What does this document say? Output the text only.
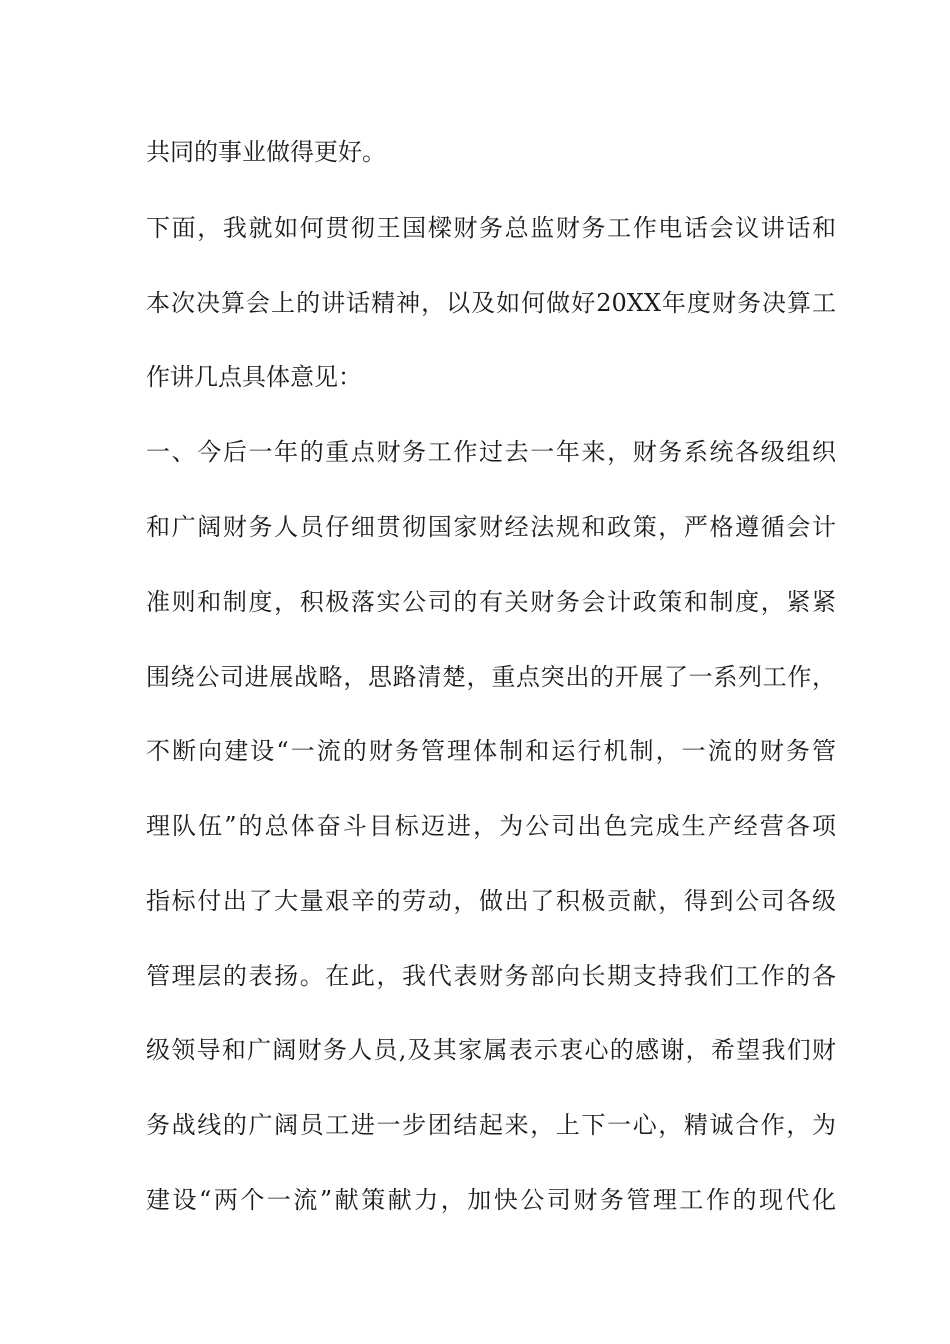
共同的事业做得更好。
下面，我就如何贯彻王国樑财务总监财务工作电话会议讲话和
本次决算会上的讲话精神，以及如何做好20XX年度财务决算工
作讲几点具体意见：
一、今后一年的重点财务工作过去一年来，财务系统各级组织
和广阔财务人员仔细贯彻国家财经法规和政策，严格遵循会计
准则和制度，积极落实公司的有关财务会计政策和制度，紧紧
围绕公司进展战略，思路清楚，重点突出的开展了一系列工作，
不断向建设“一流的财务管理体制和运行机制，一流的财务管
理队伍”的总体奋斗目标迈进，为公司出色完成生产经营各项
指标付出了大量艰辛的劳动，做出了积极贡献，得到公司各级
管理层的表扬。在此，我代表财务部向长期支持我们工作的各
级领导和广阔财务人员,及其家属表示衷心的感谢，希望我们财
务战线的广阔员工进一步团结起来，上下一心，精诚合作，为
建设“两个一流”献策献力，加快公司财务管理工作的现代化
